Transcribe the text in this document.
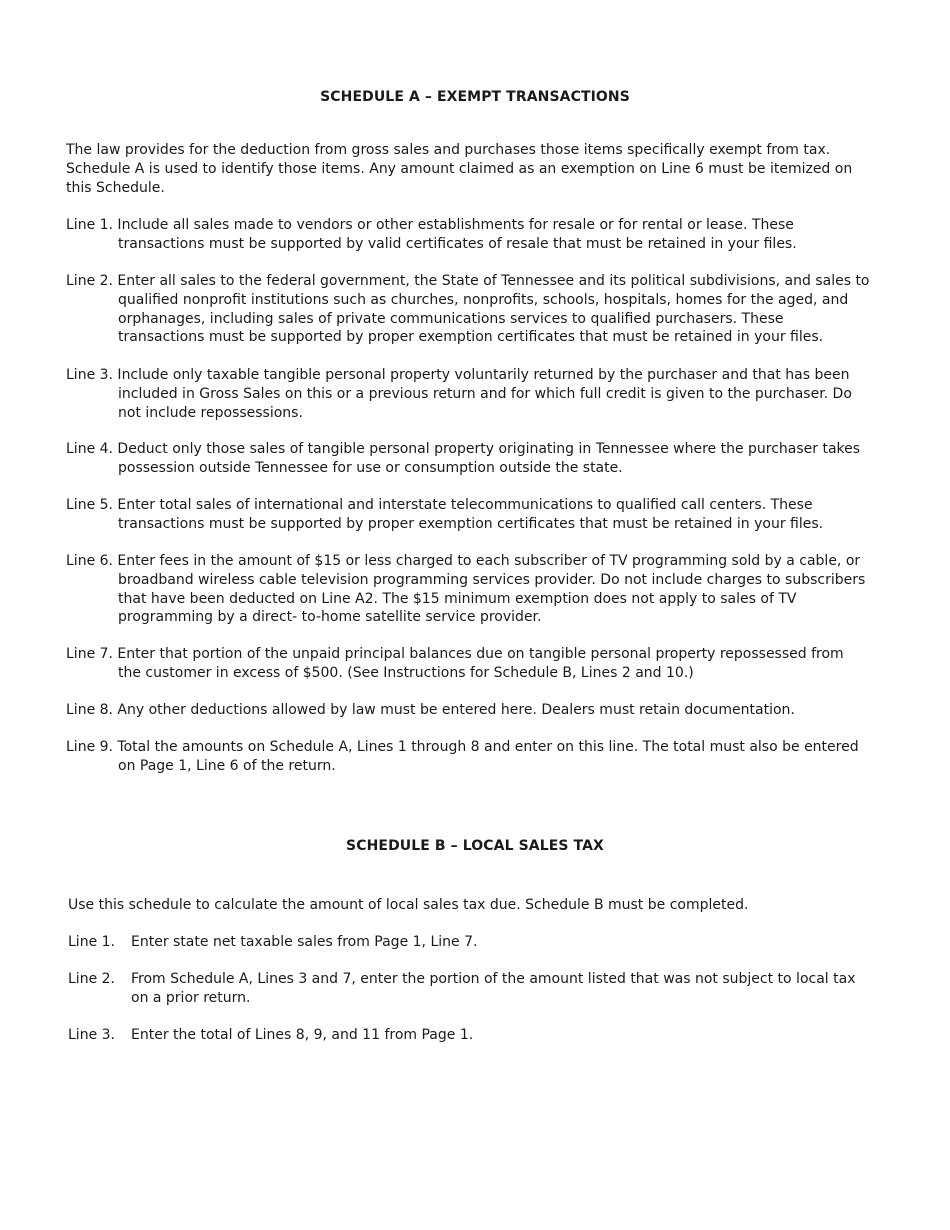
SCHEDULE A – EXEMPT TRANSACTIONS

The law provides for the deduction from gross sales and purchases those items specifically exempt from tax. Schedule A is used to identify those items. Any amount claimed as an exemption on Line 6 must be itemized on this Schedule.

Line 1. Include all sales made to vendors or other establishments for resale or for rental or lease. These transactions must be supported by valid certificates of resale that must be retained in your files.

Line 2. Enter all sales to the federal government, the State of Tennessee and its political subdivisions, and sales to qualified nonprofit institutions such as churches, nonprofits, schools, hospitals, homes for the aged, and orphanages, including sales of private communications services to qualified purchasers. These transactions must be supported by proper exemption certificates that must be retained in your files.

Line 3. Include only taxable tangible personal property voluntarily returned by the purchaser and that has been included in Gross Sales on this or a previous return and for which full credit is given to the purchaser. Do not include repossessions.

Line 4. Deduct only those sales of tangible personal property originating in Tennessee where the purchaser takes possession outside Tennessee for use or consumption outside the state.

Line 5. Enter total sales of international and interstate telecommunications to qualified call centers. These transactions must be supported by proper exemption certificates that must be retained in your files.

Line 6. Enter fees in the amount of $15 or less charged to each subscriber of TV programming sold by a cable, or broadband wireless cable television programming services provider. Do not include charges to subscribers that have been deducted on Line A2. The $15 minimum exemption does not apply to sales of TV programming by a direct- to-home satellite service provider.

Line 7. Enter that portion of the unpaid principal balances due on tangible personal property repossessed from the customer in excess of $500. (See Instructions for Schedule B, Lines 2 and 10.)

Line 8. Any other deductions allowed by law must be entered here. Dealers must retain documentation.

Line 9. Total the amounts on Schedule A, Lines 1 through 8 and enter on this line. The total must also be entered on Page 1, Line 6 of the return.

SCHEDULE B – LOCAL SALES TAX

Use this schedule to calculate the amount of local sales tax due. Schedule B must be completed.

Line 1. Enter state net taxable sales from Page 1, Line 7.
Line 2. From Schedule A, Lines 3 and 7, enter the portion of the amount listed that was not subject to local tax on a prior return.
Line 3. Enter the total of Lines 8, 9, and 11 from Page 1.
